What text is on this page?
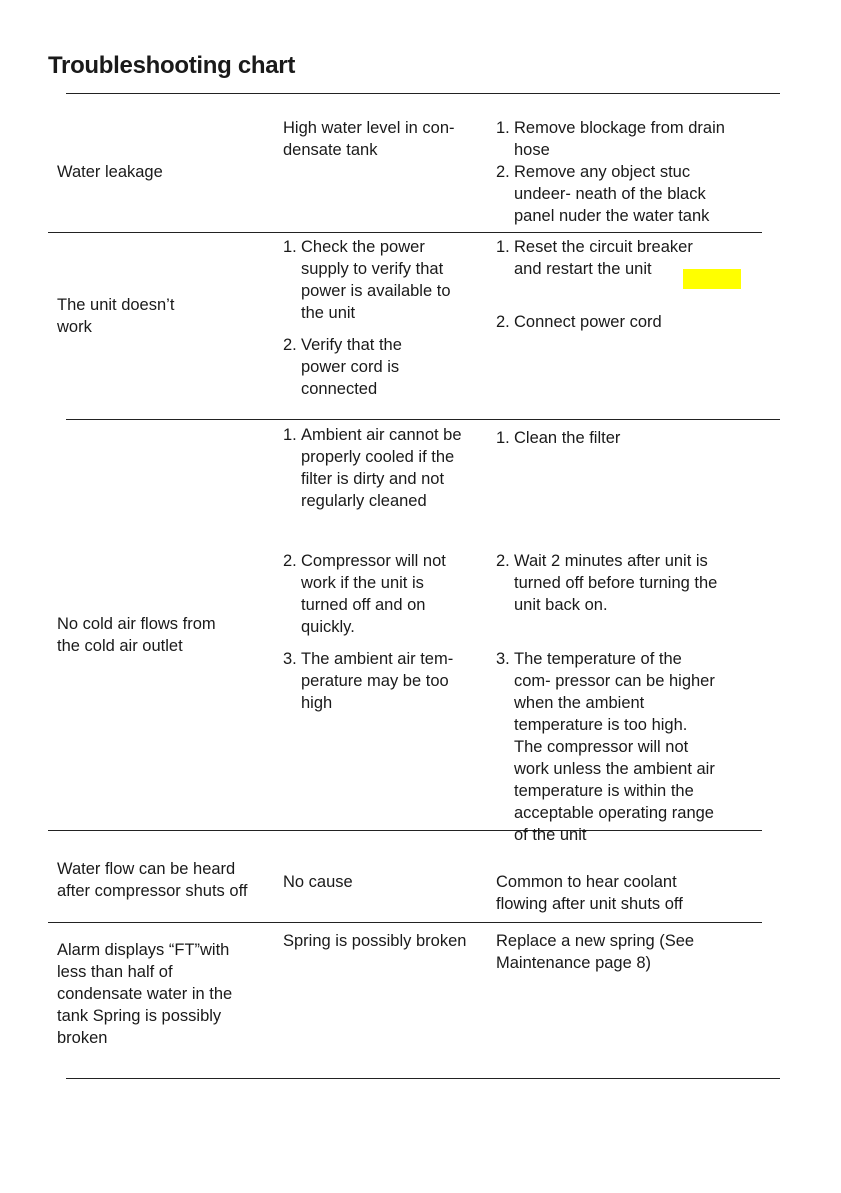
Troubleshooting chart
Water leakage
High water level in con- densate tank
1. Remove blockage from drain hose
2. Remove any object stuc undeer- neath of the black panel nuder the water tank
The unit doesn’t work
1. Check the power supply to verify that power is available to the unit
2. Verify that the power cord is connected
1. Reset the circuit breaker and restart the unit
2. Connect power cord
No cold air flows from the cold air outlet
1. Ambient air cannot be properly cooled if the filter is dirty and not regularly cleaned
2. Compressor will not work if the unit is turned off and on quickly.
3. The ambient air tem- perature may be too high
1. Clean the filter
2. Wait 2 minutes after unit is turned off before turning the unit back on.
3. The temperature of the com- pressor can be higher when the ambient temperature is too high. The compressor will not work unless the ambient air temperature is within the acceptable operating range of the unit
Water flow can be heard after compressor shuts off No cause	Common to hear coolant flowing after unit shuts off
Alarm displays “FT”with less than half of condensate water in the tank Spring is possibly broken
Spring is possibly broken	Replace a new spring (See Maintenance page 8)
